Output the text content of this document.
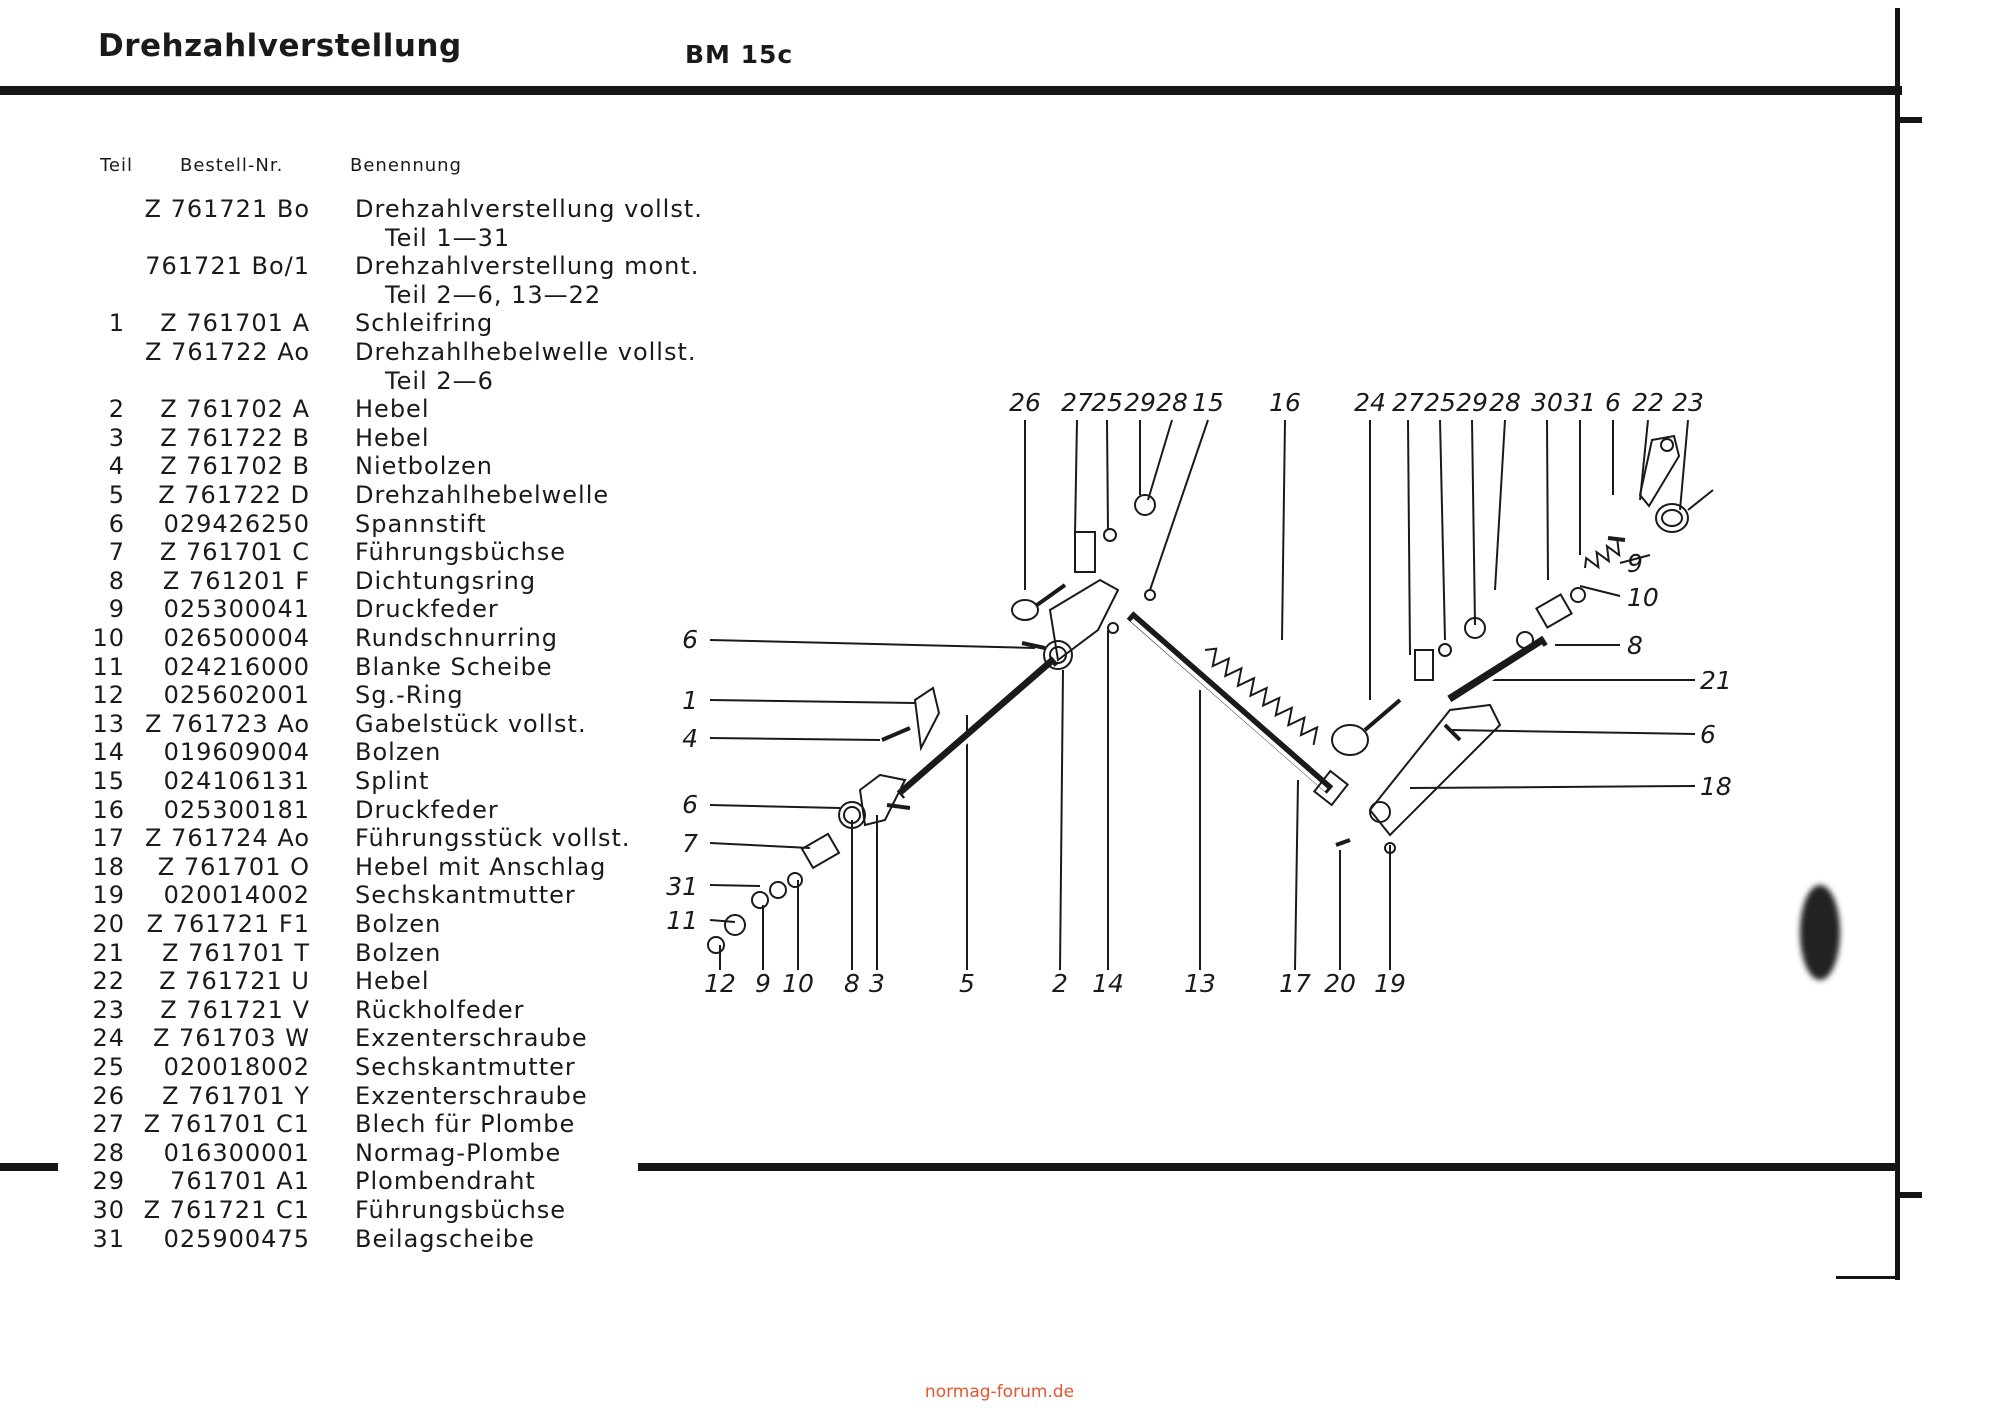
Drehzahlverstellung	BM 15c
Teil	Bestell-Nr.	Benennung
Z 761721 Bo Drehzahlverstellung vollst.
Teil 1—31
761721 Bo/1 Drehzahlverstellung mont.
Teil 2—6, 13—22
1 Z 761701 A Schleifring
Z 761722 Ao Drehzahlhebelwelle vollst.
Teil 2—6
2 Z 761702 A Hebel
3 Z 761722 B Hebel
4 Z 761702 B Nietbolzen
5 Z 761722 D Drehzahlhebelwelle
6 029426250 Spannstift
7 Z 761701 C Führungsbüchse
8 Z 761201 F Dichtungsring
9 025300041 Druckfeder
10 026500004 Rundschnurring
11 024216000 Blanke Scheibe
12 025602001 Sg.-Ring
13 Z 761723 Ao Gabelstück vollst.
14 019609004 Bolzen
15 024106131 Splint
16 025300181 Druckfeder
17 Z 761724 Ao Führungsstück vollst.
18 Z 761701 O Hebel mit Anschlag
19 020014002 Sechskantmutter
20 Z 761721 F1 Bolzen
21 Z 761701 T Bolzen
22 Z 761721 U Hebel
23 Z 761721 V Rückholfeder
24 Z 761703 W Exzenterschraube
25 020018002 Sechskantmutter
26 Z 761701 Y Exzenterschraube
27 Z 761701 C1 Blech für Plombe
28 016300001 Normag-Plombe
29 761701 A1 Plombendraht
30 Z 761721 C1 Führungsbüchse
31 025900475 Beilagscheibe
26 27
25 29 28 15 16 24 27 25 29 28 30 31 6 22 23
6
1
4
6
7
31
11
9
10
8
21
6
18
12 9 10 8 3	5	2 14 13	17 20 19
normag-forum.de
